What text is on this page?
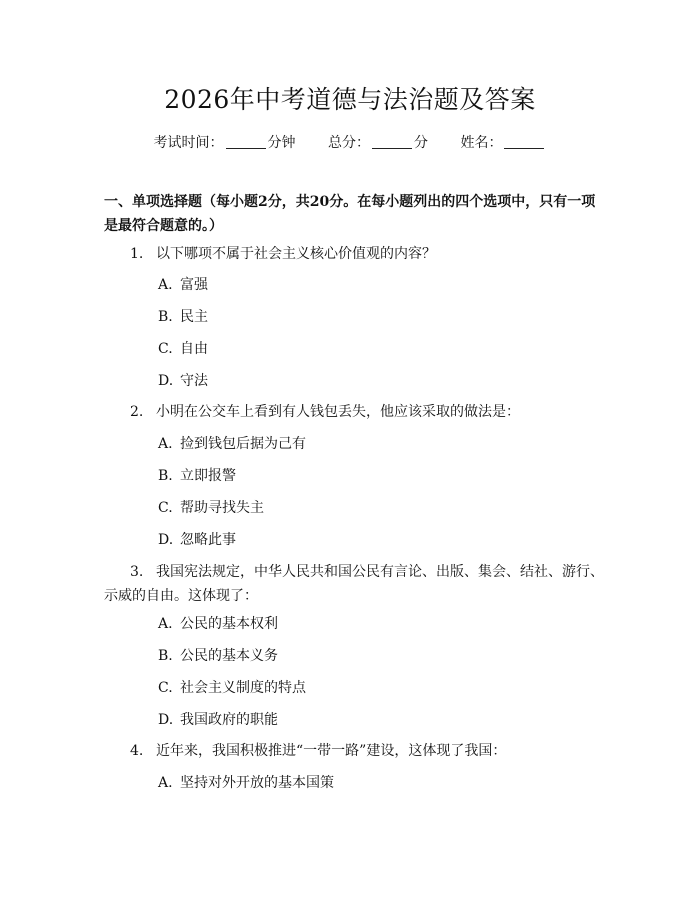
2026年中考道德与法治题及答案
考试时间：	分钟 总分：	分 姓名：
一、单项选择题（每小题2分，共20分。在每小题列出的四个选项中，只有一项是最符合题意的。）
1. 以下哪项不属于社会主义核心价值观的内容？
A. 富强
B. 民主
C. 自由
D. 守法
2. 小明在公交车上看到有人钱包丢失，他应该采取的做法是：
A. 捡到钱包后据为己有
B. 立即报警
C. 帮助寻找失主
D. 忽略此事
3. 我国宪法规定，中华人民共和国公民有言论、出版、集会、结社、游行、示威的自由。这体现了：
A. 公民的基本权利
B. 公民的基本义务
C. 社会主义制度的特点
D. 我国政府的职能
4. 近年来，我国积极推进“一带一路”建设，这体现了我国：
A. 坚持对外开放的基本国策
